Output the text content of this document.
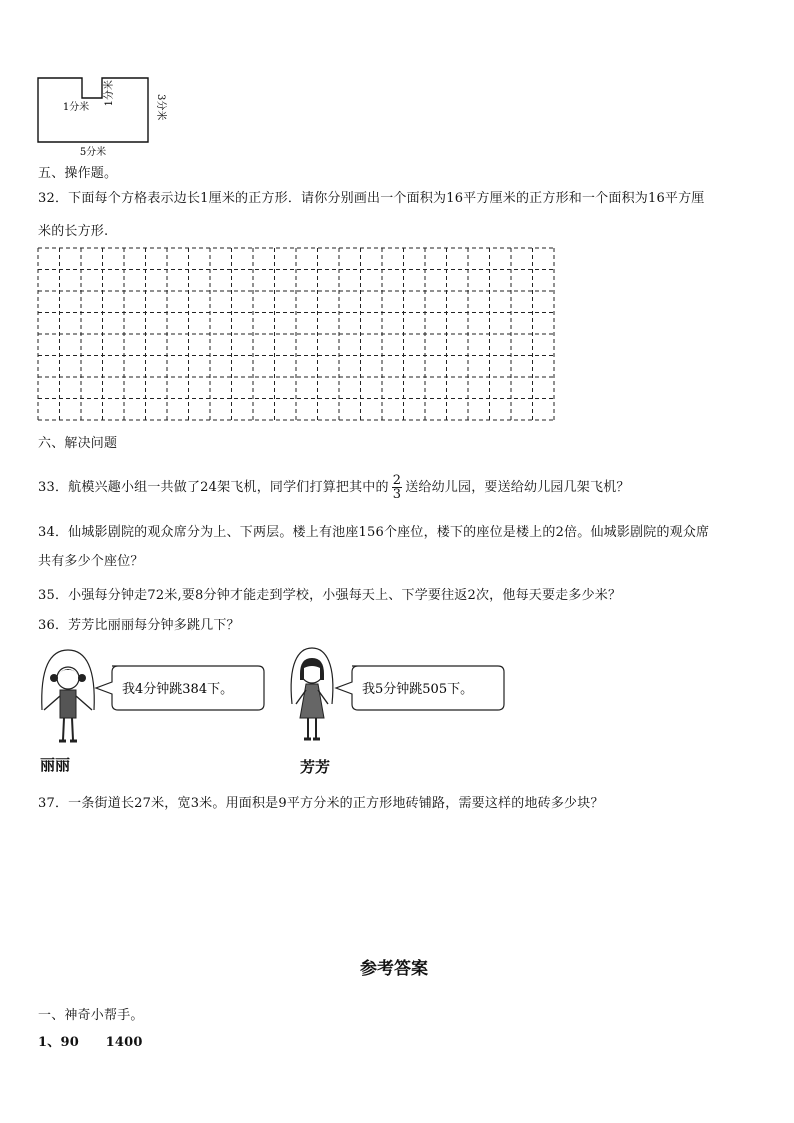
1分米
1分米
3分米
5分米
五、操作题。
32．下面每个方格表示边长1厘米的正方形．请你分别画出一个面积为16平方厘米的正方形和一个面积为16平方厘
米的长方形.
六、解决问题
33．航模兴趣小组一共做了24架飞机，同学们打算把其中的 $\frac{2}{3}$ 送给幼儿园，要送给幼儿园几架飞机？
34．仙城影剧院的观众席分为上、下两层。楼上有池座156个座位，楼下的座位是楼上的2倍。仙城影剧院的观众席
共有多少个座位？
35．小强每分钟走72米,要8分钟才能走到学校，小强每天上、下学要往返2次，他每天要走多少米？
36．芳芳比丽丽每分钟多跳几下？
丽丽
我4分钟跳384下。
芳芳
我5分钟跳505下。
37．一条街道长27米，宽3米。用面积是9平方分米的正方形地砖铺路，需要这样的地砖多少块？
参考答案
一、神奇小帮手。
1、90 1400
